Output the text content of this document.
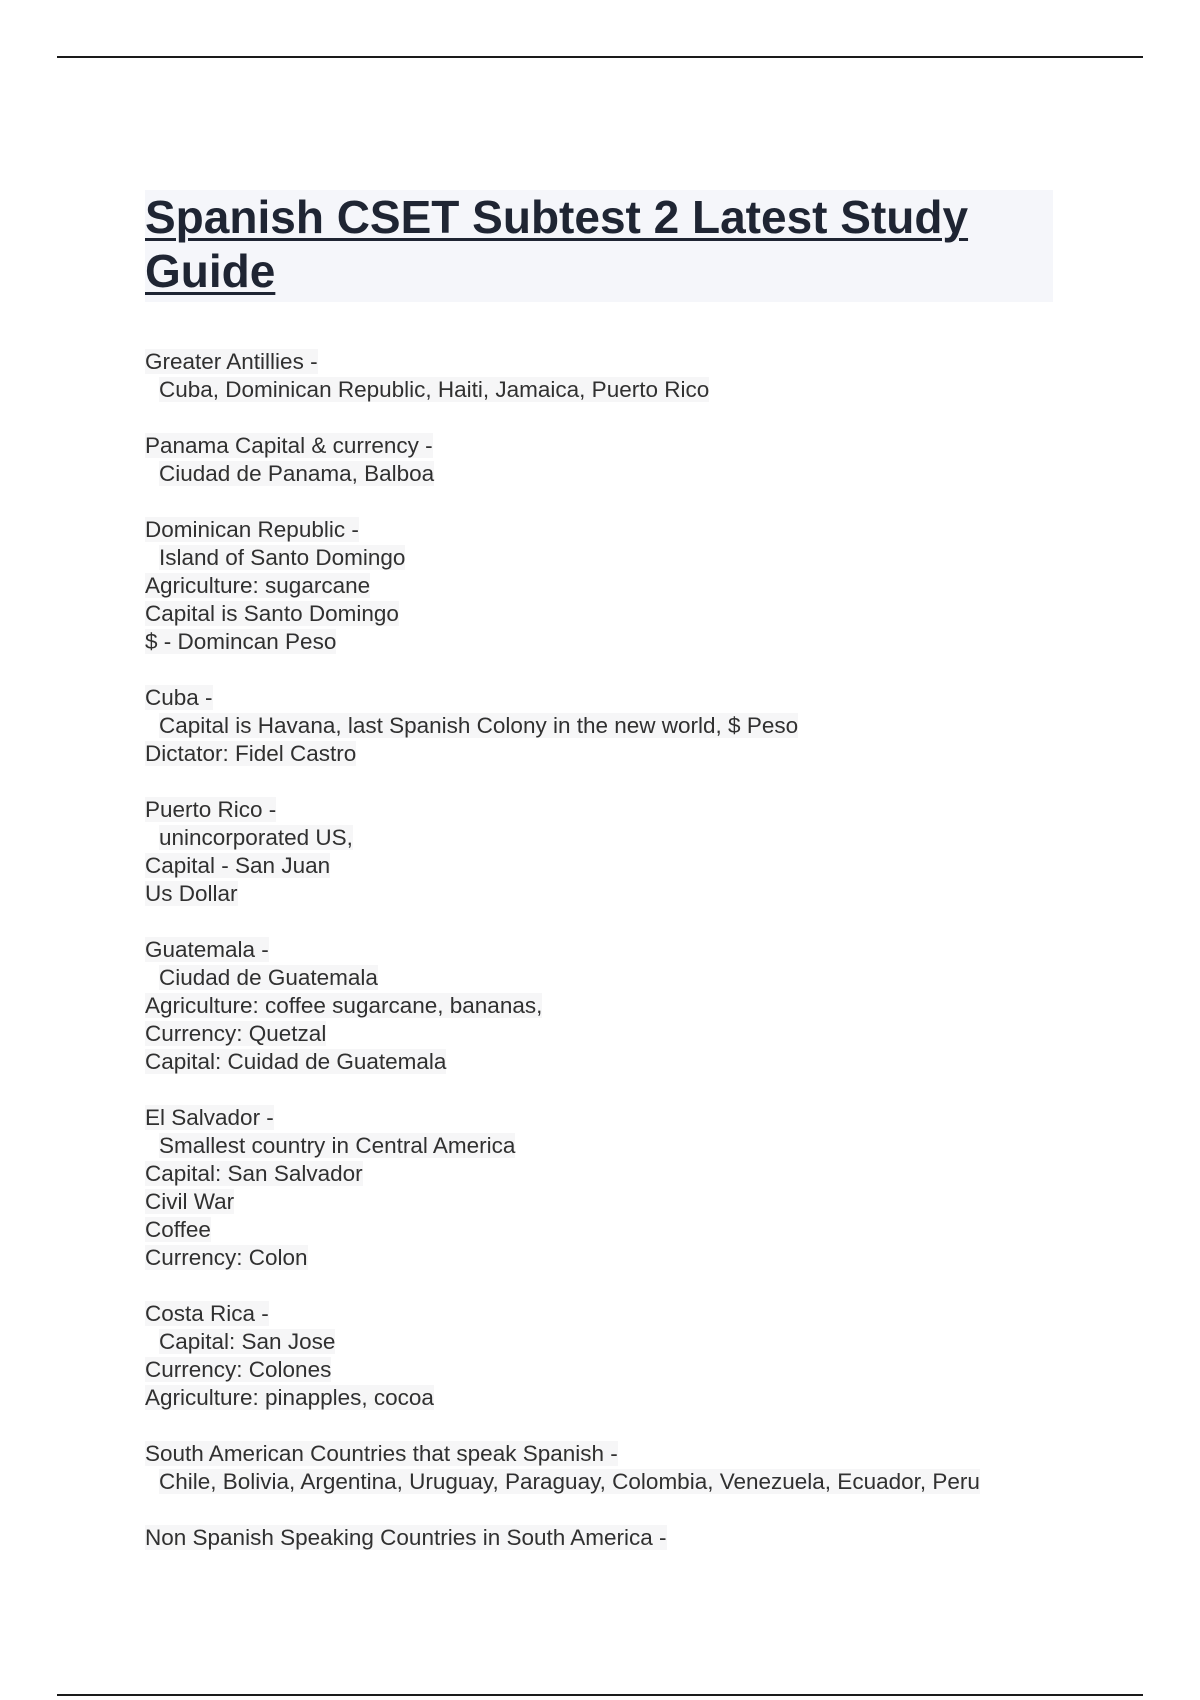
Spanish CSET Subtest 2 Latest Study Guide
Greater Antillies -
Cuba, Dominican Republic, Haiti, Jamaica, Puerto Rico
Panama Capital & currency -
Ciudad de Panama, Balboa
Dominican Republic -
Island of Santo Domingo
Agriculture: sugarcane
Capital is Santo Domingo
$ - Domincan Peso
Cuba -
Capital is Havana, last Spanish Colony in the new world, $ Peso
Dictator: Fidel Castro
Puerto Rico -
unincorporated US,
Capital - San Juan
Us Dollar
Guatemala -
Ciudad de Guatemala
Agriculture: coffee sugarcane, bananas,
Currency: Quetzal
Capital: Cuidad de Guatemala
El Salvador -
Smallest country in Central America
Capital: San Salvador
Civil War
Coffee
Currency: Colon
Costa Rica -
Capital: San Jose
Currency: Colones
Agriculture: pinapples, cocoa
South American Countries that speak Spanish -
Chile, Bolivia, Argentina, Uruguay, Paraguay, Colombia, Venezuela, Ecuador, Peru
Non Spanish Speaking Countries in South America -
